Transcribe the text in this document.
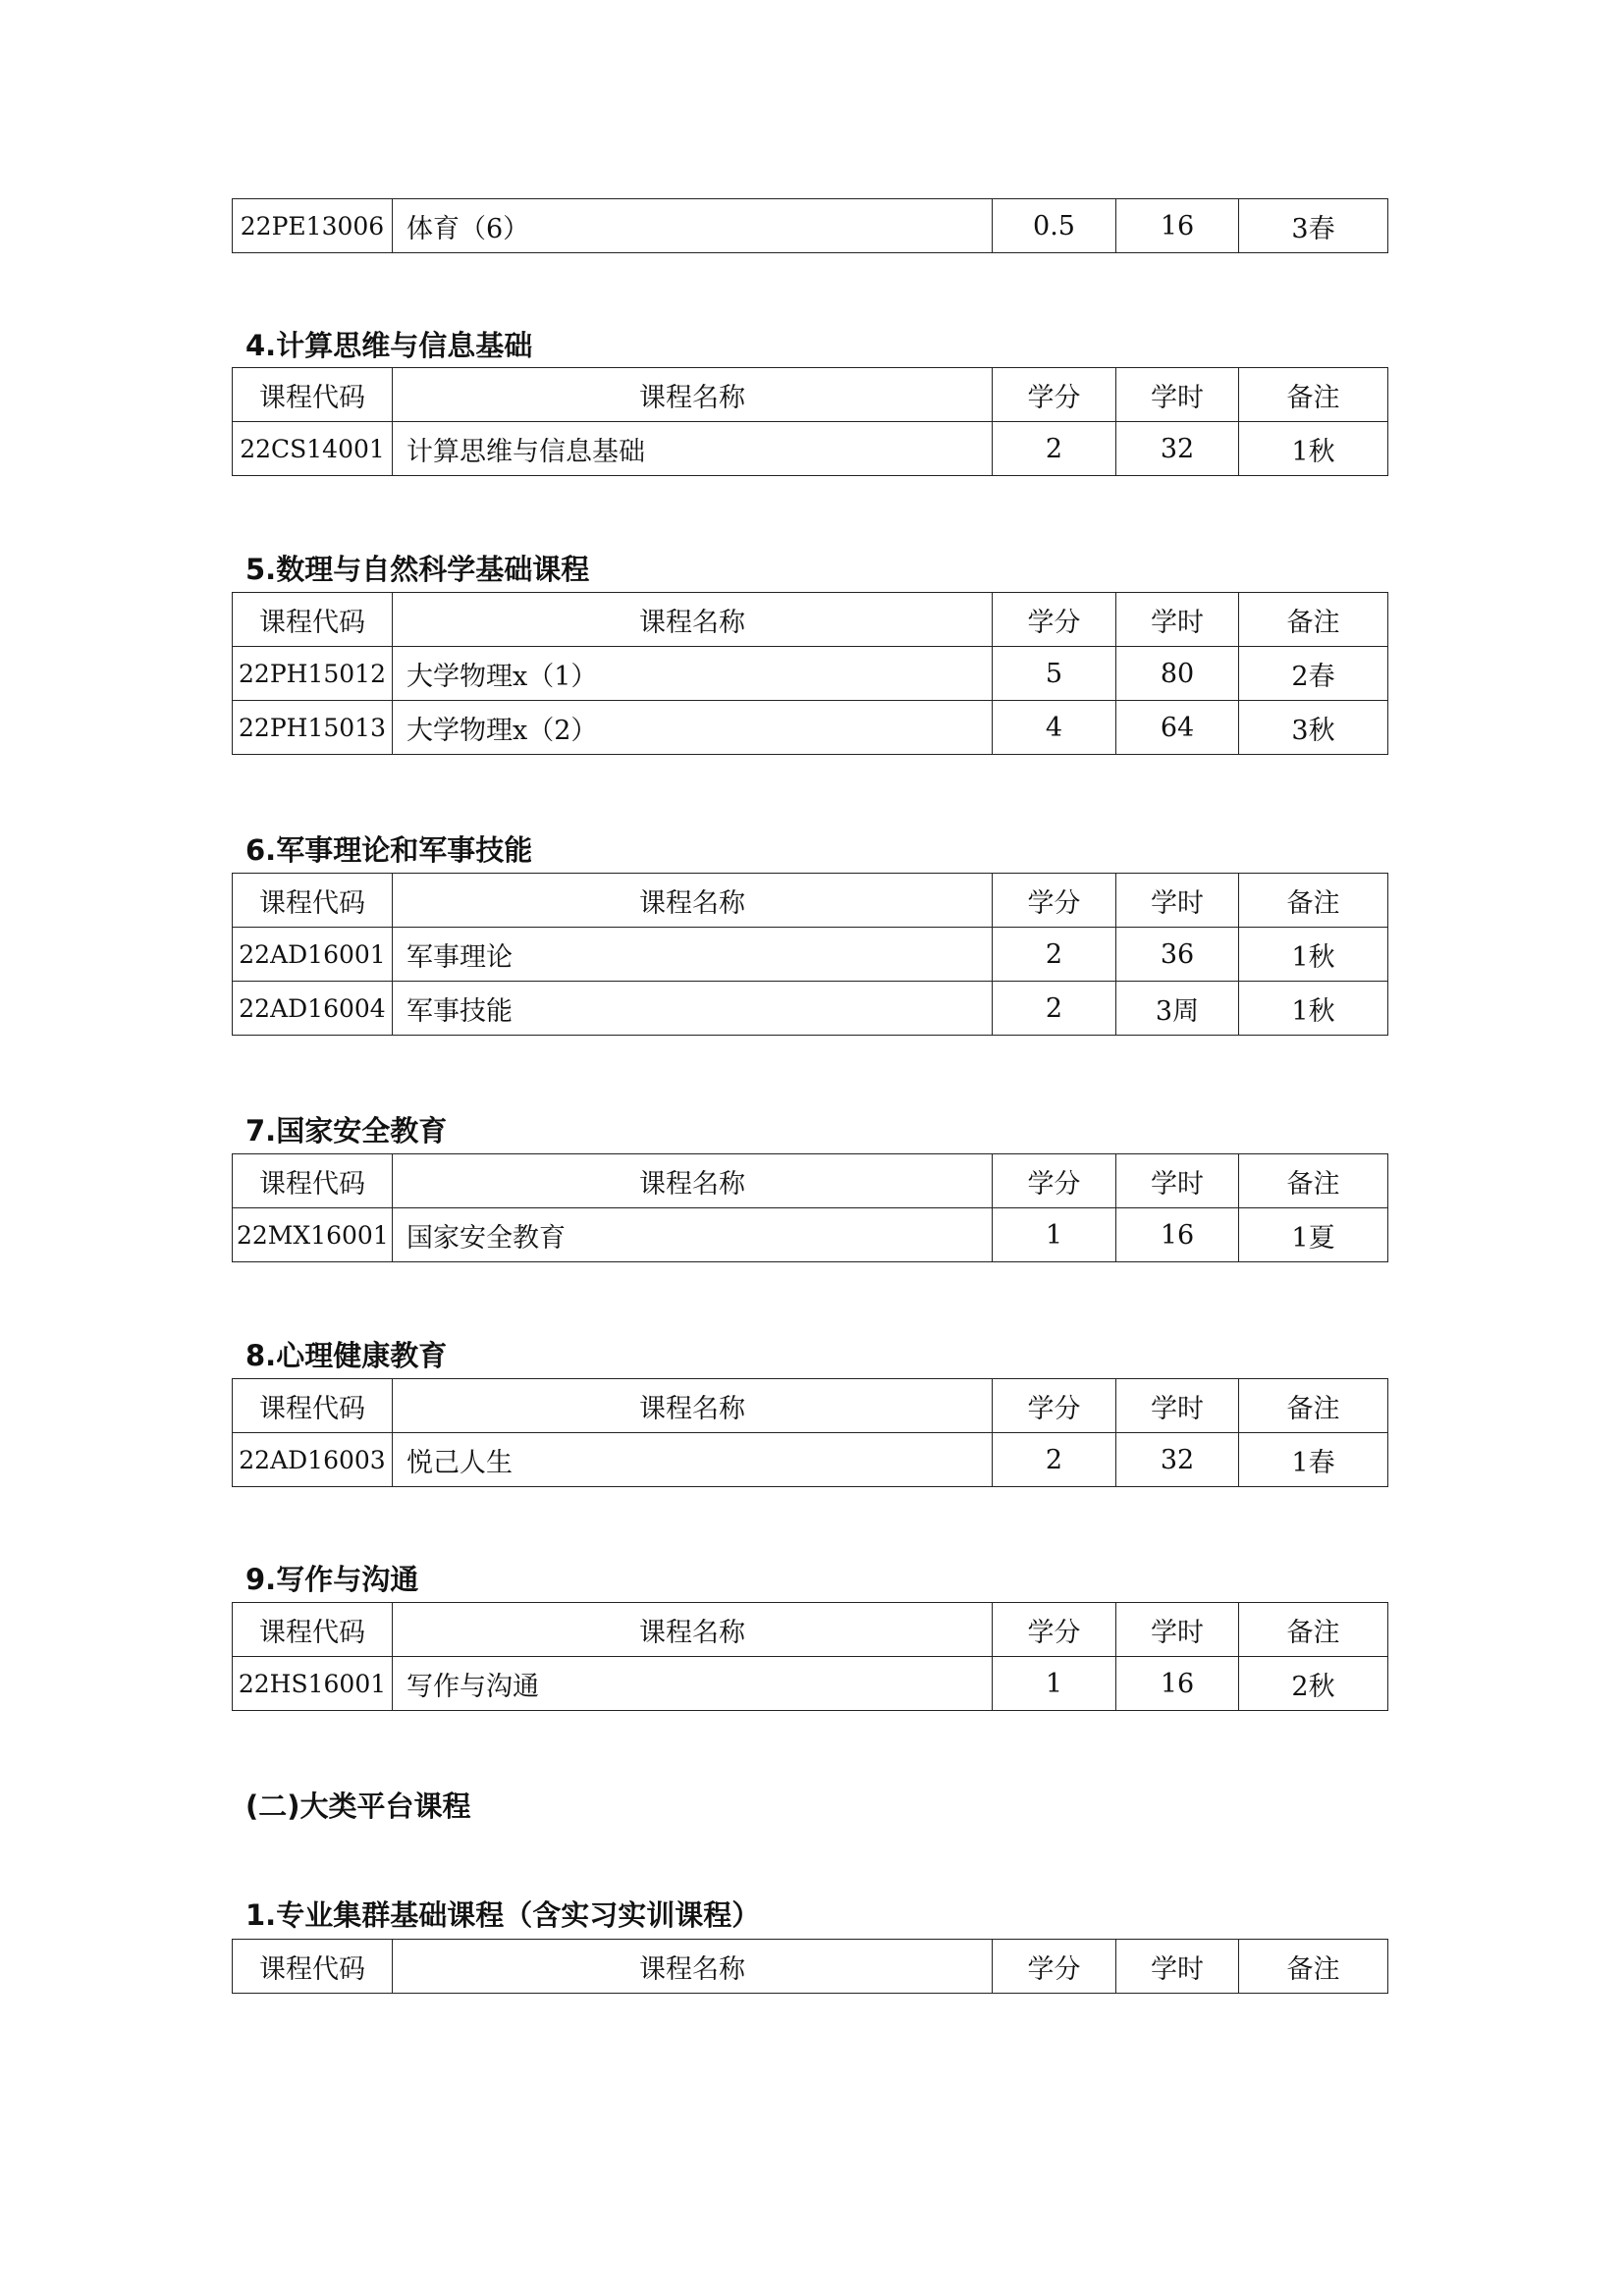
22PE13006	体育（6）	0.5	16	3春
4.计算思维与信息基础
课程代码	课程名称	学分	学时	备注
22CS14001	计算思维与信息基础	2	32	1秋
5.数理与自然科学基础课程
课程代码	课程名称	学分	学时	备注
22PH15012	大学物理x（1）	5	80	2春
22PH15013	大学物理x（2）	4	64	3秋
6.军事理论和军事技能
课程代码	课程名称	学分	学时	备注
22AD16001	军事理论	2	36	1秋
22AD16004	军事技能	2	3周	1秋
7.国家安全教育
课程代码	课程名称	学分	学时	备注
22MX16001	国家安全教育	1	16	1夏
8.心理健康教育
课程代码	课程名称	学分	学时	备注
22AD16003	悦己人生	2	32	1春
9.写作与沟通
课程代码	课程名称	学分	学时	备注
22HS16001	写作与沟通	1	16	2秋
(二)大类平台课程
1.专业集群基础课程（含实习实训课程）
课程代码	课程名称	学分	学时	备注
